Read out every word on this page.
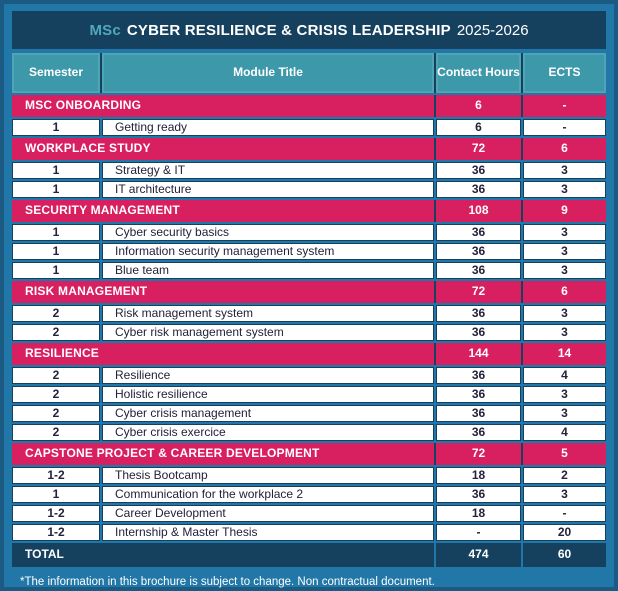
MSc CYBER RESILIENCE & CRISIS LEADERSHIP 2025-2026
Semester	Module Title	Contact Hours	ECTS
MSC ONBOARDING	6	-
1	Getting ready	6	-
WORKPLACE STUDY	72	6
1	Strategy & IT	36	3
1	IT architecture	36	3
SECURITY MANAGEMENT	108	9
1	Cyber security basics	36	3
1	Information security management system	36	3
1	Blue team	36	3
RISK MANAGEMENT	72	6
2	Risk management system	36	3
2	Cyber risk management system	36	3
RESILIENCE	144	14
2	Resilience	36	4
2	Holistic resilience	36	3
2	Cyber crisis management	36	3
2	Cyber crisis exercice	36	4
CAPSTONE PROJECT & CAREER DEVELOPMENT	72	5
1-2	Thesis Bootcamp	18	2
1	Communication for the workplace 2	36	3
1-2	Career Development	18	-
1-2	Internship & Master Thesis	-	20
TOTAL	474	60
*The information in this brochure is subject to change. Non contractual document.
